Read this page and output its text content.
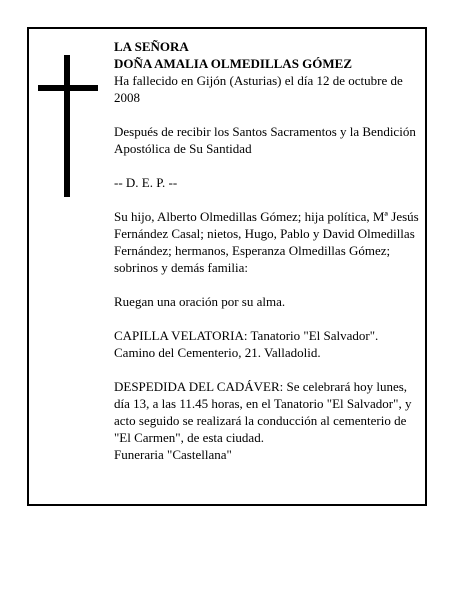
LA SEÑORA

DOÑA AMALIA OLMEDILLAS GÓMEZ

Ha fallecido en Gijón (Asturias) el día 12 de octubre de 2008

Después de recibir los Santos Sacramentos y la Bendición Apostólica de Su Santidad

-- D. E. P. --

Su hijo, Alberto Olmedillas Gómez; hija política, Mª Jesús Fernández Casal; nietos, Hugo, Pablo y David Olmedillas Fernández; hermanos, Esperanza Olmedillas Gómez; sobrinos y demás familia:

Ruegan una oración por su alma.

CAPILLA VELATORIA: Tanatorio "El Salvador". Camino del Cementerio, 21. Valladolid.

DESPEDIDA DEL CADÁVER: Se celebrará hoy lunes, día 13, a las 11.45 horas, en el Tanatorio "El Salvador", y acto seguido se realizará la conducción al cementerio de "El Carmen", de esta ciudad.

Funeraria "Castellana"
